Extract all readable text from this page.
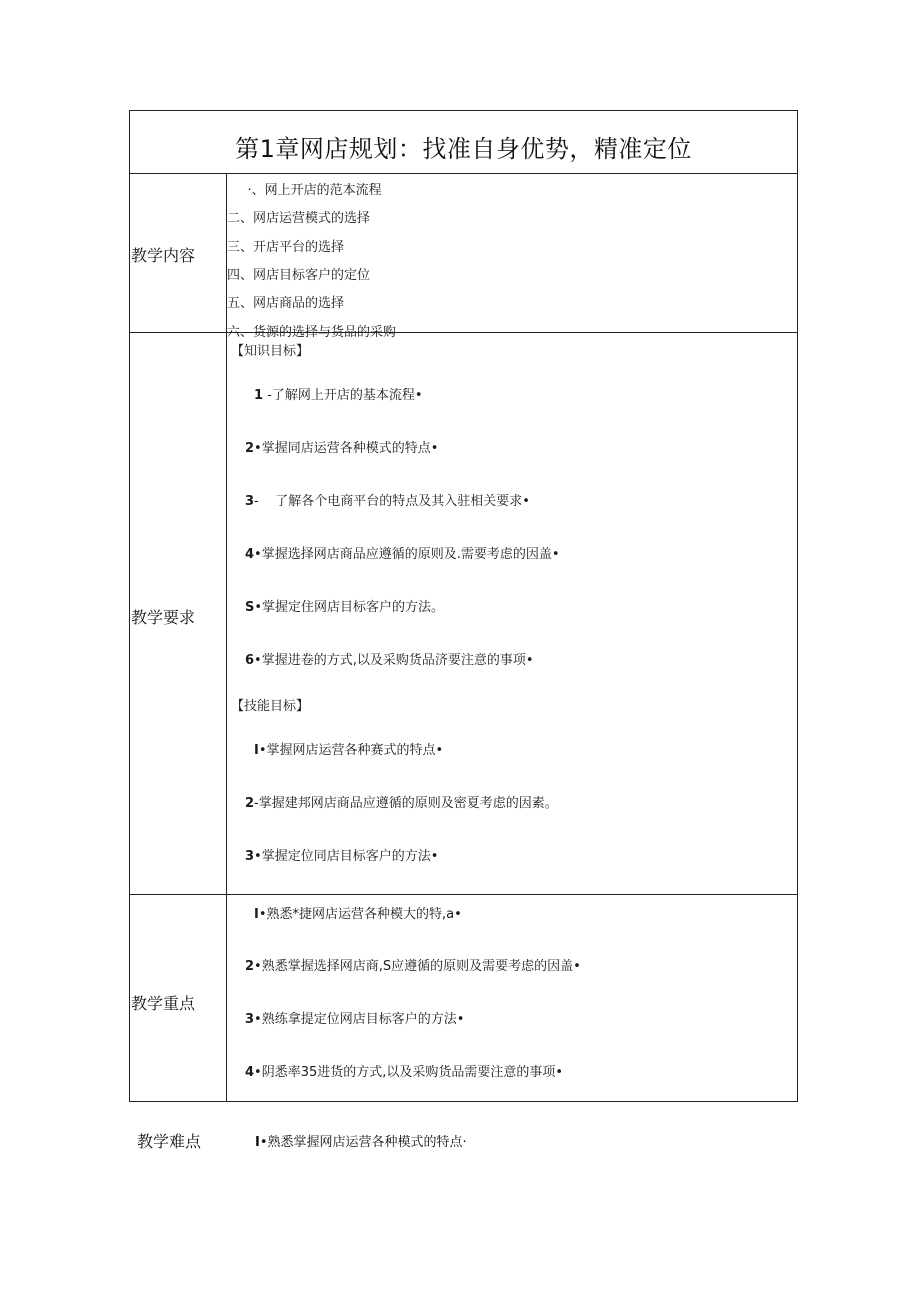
第1章网店规划：找准自身优势，精准定位
教学内容
·、网上开店的范本流程
二、网店运营模式的选择
三、开店平台的选择
四、网店目标客户的定位
五、网店商品的选择
六、货源的选择与货品的采购
教学要求
【知识目标】
1 -了解网上开店的基本流程•
2•掌握同店运营各种模式的特点•
3-    了解各个电商平台的特点及其入驻相关要求•
4•掌握选择网店商品应遵循的原则及.需要考虑的因盖•
S•掌握定住网店目标客户的方法。
6•掌握进卷的方式,以及采购货品济要注意的事项•
【技能目标】
I•掌握网店运营各种赛式的特点•
2-掌握建邦网店商品应遵循的原则及密夏考虑的因素。
3•掌握定位同店目标客户的方法•
教学重点
I•熟悉*捷网店运营各种模大的特,a•
2•熟悉掌握选择网店商,S应遵循的原则及需要考虑的因盖•
3•熟练拿提定位网店目标客户的方法•
4•阴悉率35进货的方式,以及采购货品需要注意的事项•
教学难点	I•熟悉掌握网店运营各种模式的特点·
